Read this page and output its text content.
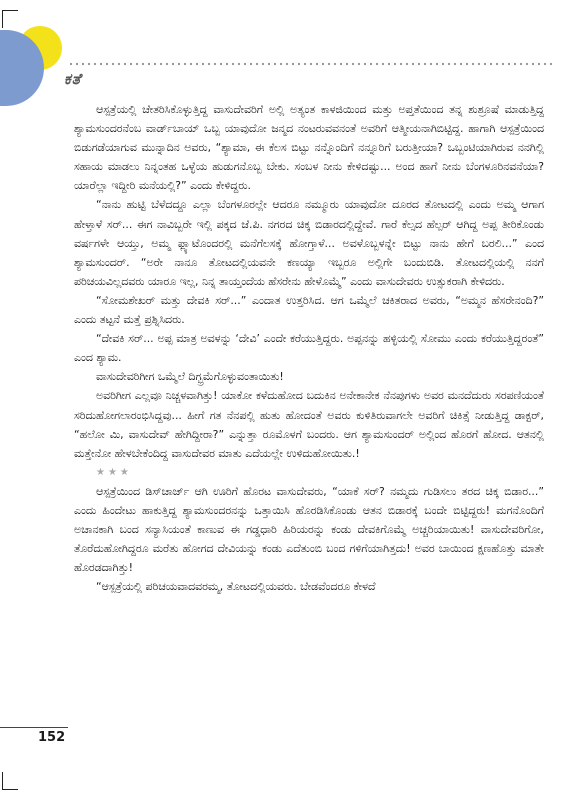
ಕತೆ

ಆಸ್ಪತ್ರೆಯಲ್ಲಿ ಚೇತರಿಸಿಕೊಳ್ಳುತ್ತಿದ್ದ ವಾಸುದೇವರಿಗೆ ಅಲ್ಲಿ ಅತ್ಯಂತ ಕಾಳಜಿಯಿಂದ ಮತ್ತು ಅಪ್ತತೆಯಿಂದ ತನ್ನ ಶುಶ್ರೂಷೆ ಮಾಡುತ್ತಿದ್ದ ಶ್ಯಾಮಸುಂದರನೆಂಬ ವಾರ್ಡ್‌ಬಾಯ್ ಒಬ್ಬ ಯಾವುದೋ ಜನ್ಮದ ನಂಟರುವವನಂತೆ ಅವರಿಗೆ ಆತ್ಮೀಯನಾಗಿಬಿಟ್ಟಿದ್ದ. ಹಾಗಾಗಿ ಆಸ್ಪತ್ರೆಯಿಂದ ಬಿಡುಗಡೆಯಾಗುವ ಮುನ್ನಾದಿನ ಅವರು, “ಶ್ಯಾಮಾ, ಈ ಕೆಲಸ ಬಿಟ್ಟು ನನ್ನೊಂದಿಗೆ ನನ್ನೂರಿಗೆ ಬರುತ್ತೀಯಾ? ಒಬ್ಬಂಟಿಯಾಗಿರುವ ನನಗಿಲ್ಲಿ ಸಹಾಯ ಮಾಡಲು ನಿನ್ನಂತಹ ಒಳ್ಳೆಯ ಹುಡುಗನೊಬ್ಬ ಬೇಕು. ಸಂಬಳ ನೀನು ಕೇಳಿದಷ್ಟು... ಅಂದ ಹಾಗೆ ನೀನು ಬೆಂಗಳೂರಿನವನೆಯಾ? ಯಾರೆಲ್ಲಾ ಇದ್ದೀರಿ ಮನೆಯಲ್ಲಿ?” ಎಂದು ಕೇಳಿದ್ದರು.

“ನಾನು ಹುಟ್ಟಿ ಬೆಳೆದದ್ದೂ ಎಲ್ಲಾ ಬೆಂಗಳೂರಲ್ಲೇ ಆದರೂ ನಮ್ಮೂರು ಯಾವುದೋ ದೂರದ ತೋಟದಲ್ಲಿ ಎಂದು ಅಮ್ಮ ಆಗಾಗ ಹೇಳ್ತಾಳೆ ಸರ್... ಈಗ ನಾವಿಬ್ಬರೇ ಇಲ್ಲಿ ಪಕ್ಕದ ಜೆ.ಪಿ. ನಗರದ ಚಿಕ್ಕ ಬಿಡಾರದಲ್ಲಿದ್ದೇವೆ. ಗಾರೆ ಕೆಲ್ಸದ ಹೆಲ್ಪರ್ ಆಗಿದ್ದ ಅಪ್ಪ ತೀರಿಕೊಂಡು ವರ್ಷಗಳೇ ಆಯ್ತು, ಅಮ್ಮ ಫ್ಲ್ಯಾಟೊಂದರಲ್ಲಿ ಮನೆಗೆಲಸಕ್ಕೆ ಹೋಗ್ತಾಳೆ... ಅವಳೊಬ್ಬಳನ್ನೇ ಬಿಟ್ಟು ನಾನು ಹೇಗೆ ಬರಲಿ...” ಎಂದ ಶ್ಯಾಮಸುಂದರ್. “ಅರೇ ನಾನೂ ತೋಟದಲ್ಲಿಯವನೇ ಕಣಯ್ಯಾ ಇಬ್ಬರೂ ಅಲ್ಲಿಗೇ ಬಂದುಬಿಡಿ. ತೋಟದಲ್ಲಿಯಲ್ಲಿ ನನಗೆ ಪರಿಚಯವಿಲ್ಲದವರು ಯಾರೂ ಇಲ್ಲ, ನಿನ್ನ ತಾಯ್ತಂದೆಯ ಹೆಸರೇನು ಹೇಳೊಮ್ಮೆ” ಎಂದು ವಾಸುದೇವರು ಉತ್ಸುಕರಾಗಿ ಕೇಳಿದರು.

“ಸೋಮಶೇಖರ್ ಮತ್ತು ದೇವಕಿ ಸರ್...” ಎಂದಾತ ಉತ್ತರಿಸಿದ. ಆಗ ಒಮ್ಮೆಲೆ ಚಕಿತರಾದ ಅವರು, “ಅಮ್ಮನ ಹೆಸರೇನಂದಿ?” ಎಂದು ತಟ್ಟನೆ ಮತ್ತೆ ಪ್ರಶ್ನಿಸಿದರು.

“ದೇವಕಿ ಸರ್... ಅಪ್ಪ ಮಾತ್ರ ಅವಳನ್ನು ‘ದೇವಿ’ ಎಂದೇ ಕರೆಯುತ್ತಿದ್ದರು. ಅಪ್ಪನನ್ನು ಹಳ್ಳಿಯಲ್ಲಿ ಸೋಮು ಎಂದು ಕರೆಯುತ್ತಿದ್ದರಂತೆ” ಎಂದ ಶ್ಯಾಮ.

ವಾಸುದೇವರಿಗೀಗ ಒಮ್ಮೆಲೆ ದಿಗ್ಭ್ರಮೆಗೊಳ್ಳುವಂತಾಯಿತು!

ಅವರಿಗೀಗ ಎಲ್ಲವೂ ನಿಚ್ಚಳವಾಗಿತ್ತು! ಯಾಕೋ ಕಳೆದುಹೋದ ಬದುಕಿನ ಅನೇಕಾನೇಕ ನೆನಪುಗಳು ಅವರ ಮನದೆದುರು ಸರಪಣಿಯಂತೆ ಸರಿದುಹೋಗಲಾರಂಭಿಸಿದ್ದವು... ಹೀಗೆ ಗತ ನೆನಪಲ್ಲಿ ಹುತು ಹೋದಂತೆ ಅವರು ಕುಳಿತಿರುವಾಗಲೇ ಅವರಿಗೆ ಚಿಕಿತ್ಸೆ ನೀಡುತ್ತಿದ್ದ ಡಾಕ್ಟರ್, “ಹಲೋ ಮಿ, ವಾಸುದೇವ್ ಹೇಗಿದ್ದೀರಾ?” ಎನ್ನುತ್ತಾ ರೂಮೊಳಗೆ ಬಂದರು. ಆಗ ಶ್ಯಾಮಸುಂದರ್ ಅಲ್ಲಿಂದ ಹೊರಗೆ ಹೋದ. ಆತನಲ್ಲಿ ಮತ್ತೇನೋ ಹೇಳಬೇಕೆಂದಿದ್ದ ವಾಸುದೇವರ ಮಾತು ಎದೆಯಲ್ಲೇ ಉಳಿದುಹೋಯಿತು.!

★★★

ಆಸ್ಪತ್ರೆಯಿಂದ ಡಿಸ್‌ಚಾರ್ಜ್ ಆಗಿ ಊರಿಗೆ ಹೊರಟ ವಾಸುದೇವರು, “ಯಾಕೆ ಸರ್? ನಮ್ಮದು ಗುಡಿಸಲು ತರದ ಚಿಕ್ಕ ಬಿಡಾರ...” ಎಂದು ಹಿಂದೇಟು ಹಾಕುತ್ತಿದ್ದ ಶ್ಯಾಮಸುಂದರನನ್ನು ಒತ್ತಾಯಿಸಿ ಹೊರಡಿಸಿಕೊಂಡು ಆತನ ಬಿಡಾರಕ್ಕೆ ಬಂದೇ ಬಿಟ್ಟಿದ್ದರು! ಮಗನೊಂದಿಗೆ ಅಚಾನಕಾಗಿ ಬಂದ ಸನ್ಯಾಸಿಯಂತೆ ಕಾಣುವ ಈ ಗಡ್ಡಧಾರಿ ಹಿರಿಯರನ್ನು ಕಂಡು ದೇವಕಿಗೊಮ್ಮೆ ಅಚ್ಚರಿಯಾಯಿತು! ವಾಸುದೇವರಿಗೋ, ತೊರೆದುಹೋಗಿದ್ದರೂ ಮರೆತು ಹೋಗದ ದೇವಿಯನ್ನು ಕಂಡು ಎದೆತುಂಬಿ ಬಂದ ಗಳಿಗೆಯಾಗಿತ್ತದು! ಅವರ ಬಾಯಿಂದ ಕ್ಷಣಹೊತ್ತು ಮಾತೇ ಹೊರಡದಾಗಿತ್ತು!

“ಆಸ್ಪತ್ರೆಯಲ್ಲಿ ಪರಿಚಯವಾದವರಮ್ಮ, ತೋಟದಲ್ಲಿಯವರು. ಬೇಡವೆಂದರೂ ಕೇಳದೆ

152
